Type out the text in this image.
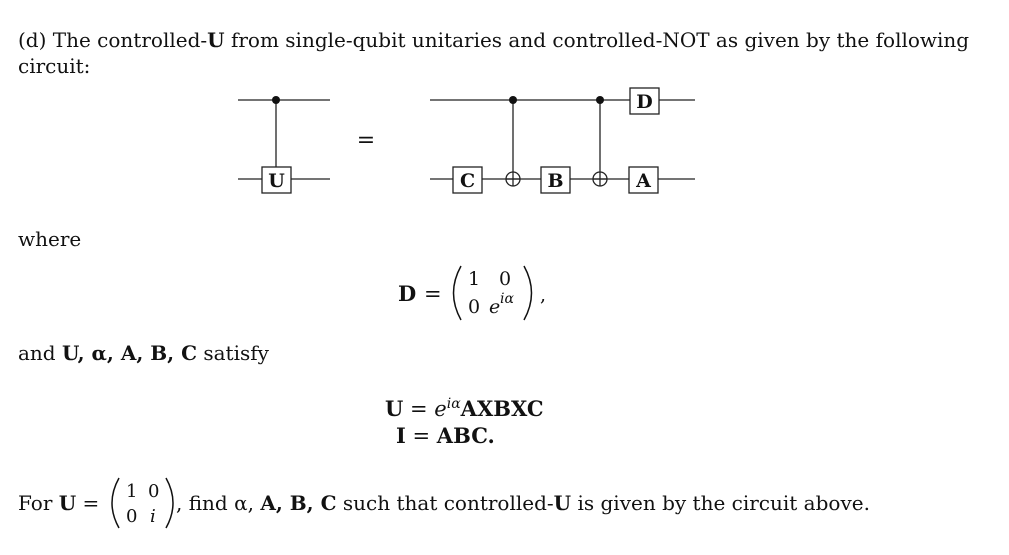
(d) The controlled-U from single-qubit unitaries and controlled-NOT as given by the following
circuit:
U
=
C	B
D
A
where
D =
1 0
0 e iα ,
and U, α, A, B, C satisfy
$U = e^{i\alpha}AXBXC$
I = ABC.
For U = 1 0
0 i
, find α, A, B, C such that controlled-U is given by the circuit above.
